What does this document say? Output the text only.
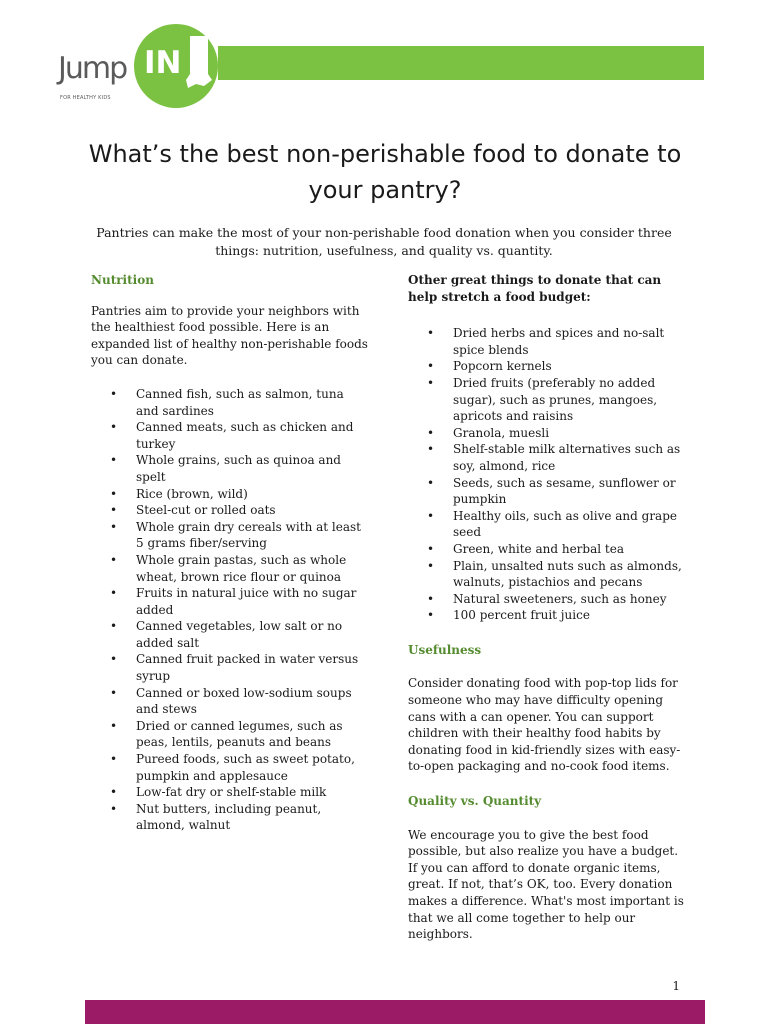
Jump IN
FOR HEALTHY KIDS
What’s the best non-perishable food to donate to your pantry?

Pantries can make the most of your non-perishable food donation when you consider three things: nutrition, usefulness, and quality vs. quantity.

Nutrition

Pantries aim to provide your neighbors with the healthiest food possible. Here is an expanded list of healthy non-perishable foods you can donate.

• Canned fish, such as salmon, tuna and sardines
• Canned meats, such as chicken and turkey
• Whole grains, such as quinoa and spelt
• Rice (brown, wild)
• Steel-cut or rolled oats
• Whole grain dry cereals with at least 5 grams fiber/serving
• Whole grain pastas, such as whole wheat, brown rice flour or quinoa
• Fruits in natural juice with no sugar added
• Canned vegetables, low salt or no added salt
• Canned fruit packed in water versus syrup
• Canned or boxed low-sodium soups and stews
• Dried or canned legumes, such as peas, lentils, peanuts and beans
• Pureed foods, such as sweet potato, pumpkin and applesauce
• Low-fat dry or shelf-stable milk
• Nut butters, including peanut, almond, walnut
Other great things to donate that can help stretch a food budget:
• Dried herbs and spices and no-salt spice blends
• Popcorn kernels
• Dried fruits (preferably no added sugar), such as prunes, mangoes, apricots and raisins
• Granola, muesli
• Shelf-stable milk alternatives such as soy, almond, rice
• Seeds, such as sesame, sunflower or pumpkin
• Healthy oils, such as olive and grape seed
• Green, white and herbal tea
• Plain, unsalted nuts such as almonds, walnuts, pistachios and pecans
• Natural sweeteners, such as honey
• 100 percent fruit juice
Usefulness

Consider donating food with pop-top lids for someone who may have difficulty opening cans with a can opener. You can support children with their healthy food habits by donating food in kid-friendly sizes with easy-to-open packaging and no-cook food items.

Quality vs. Quantity

We encourage you to give the best food possible, but also realize you have a budget. If you can afford to donate organic items, great. If not, that’s OK, too. Every donation makes a difference. What's most important is that we all come together to help our neighbors.

1
